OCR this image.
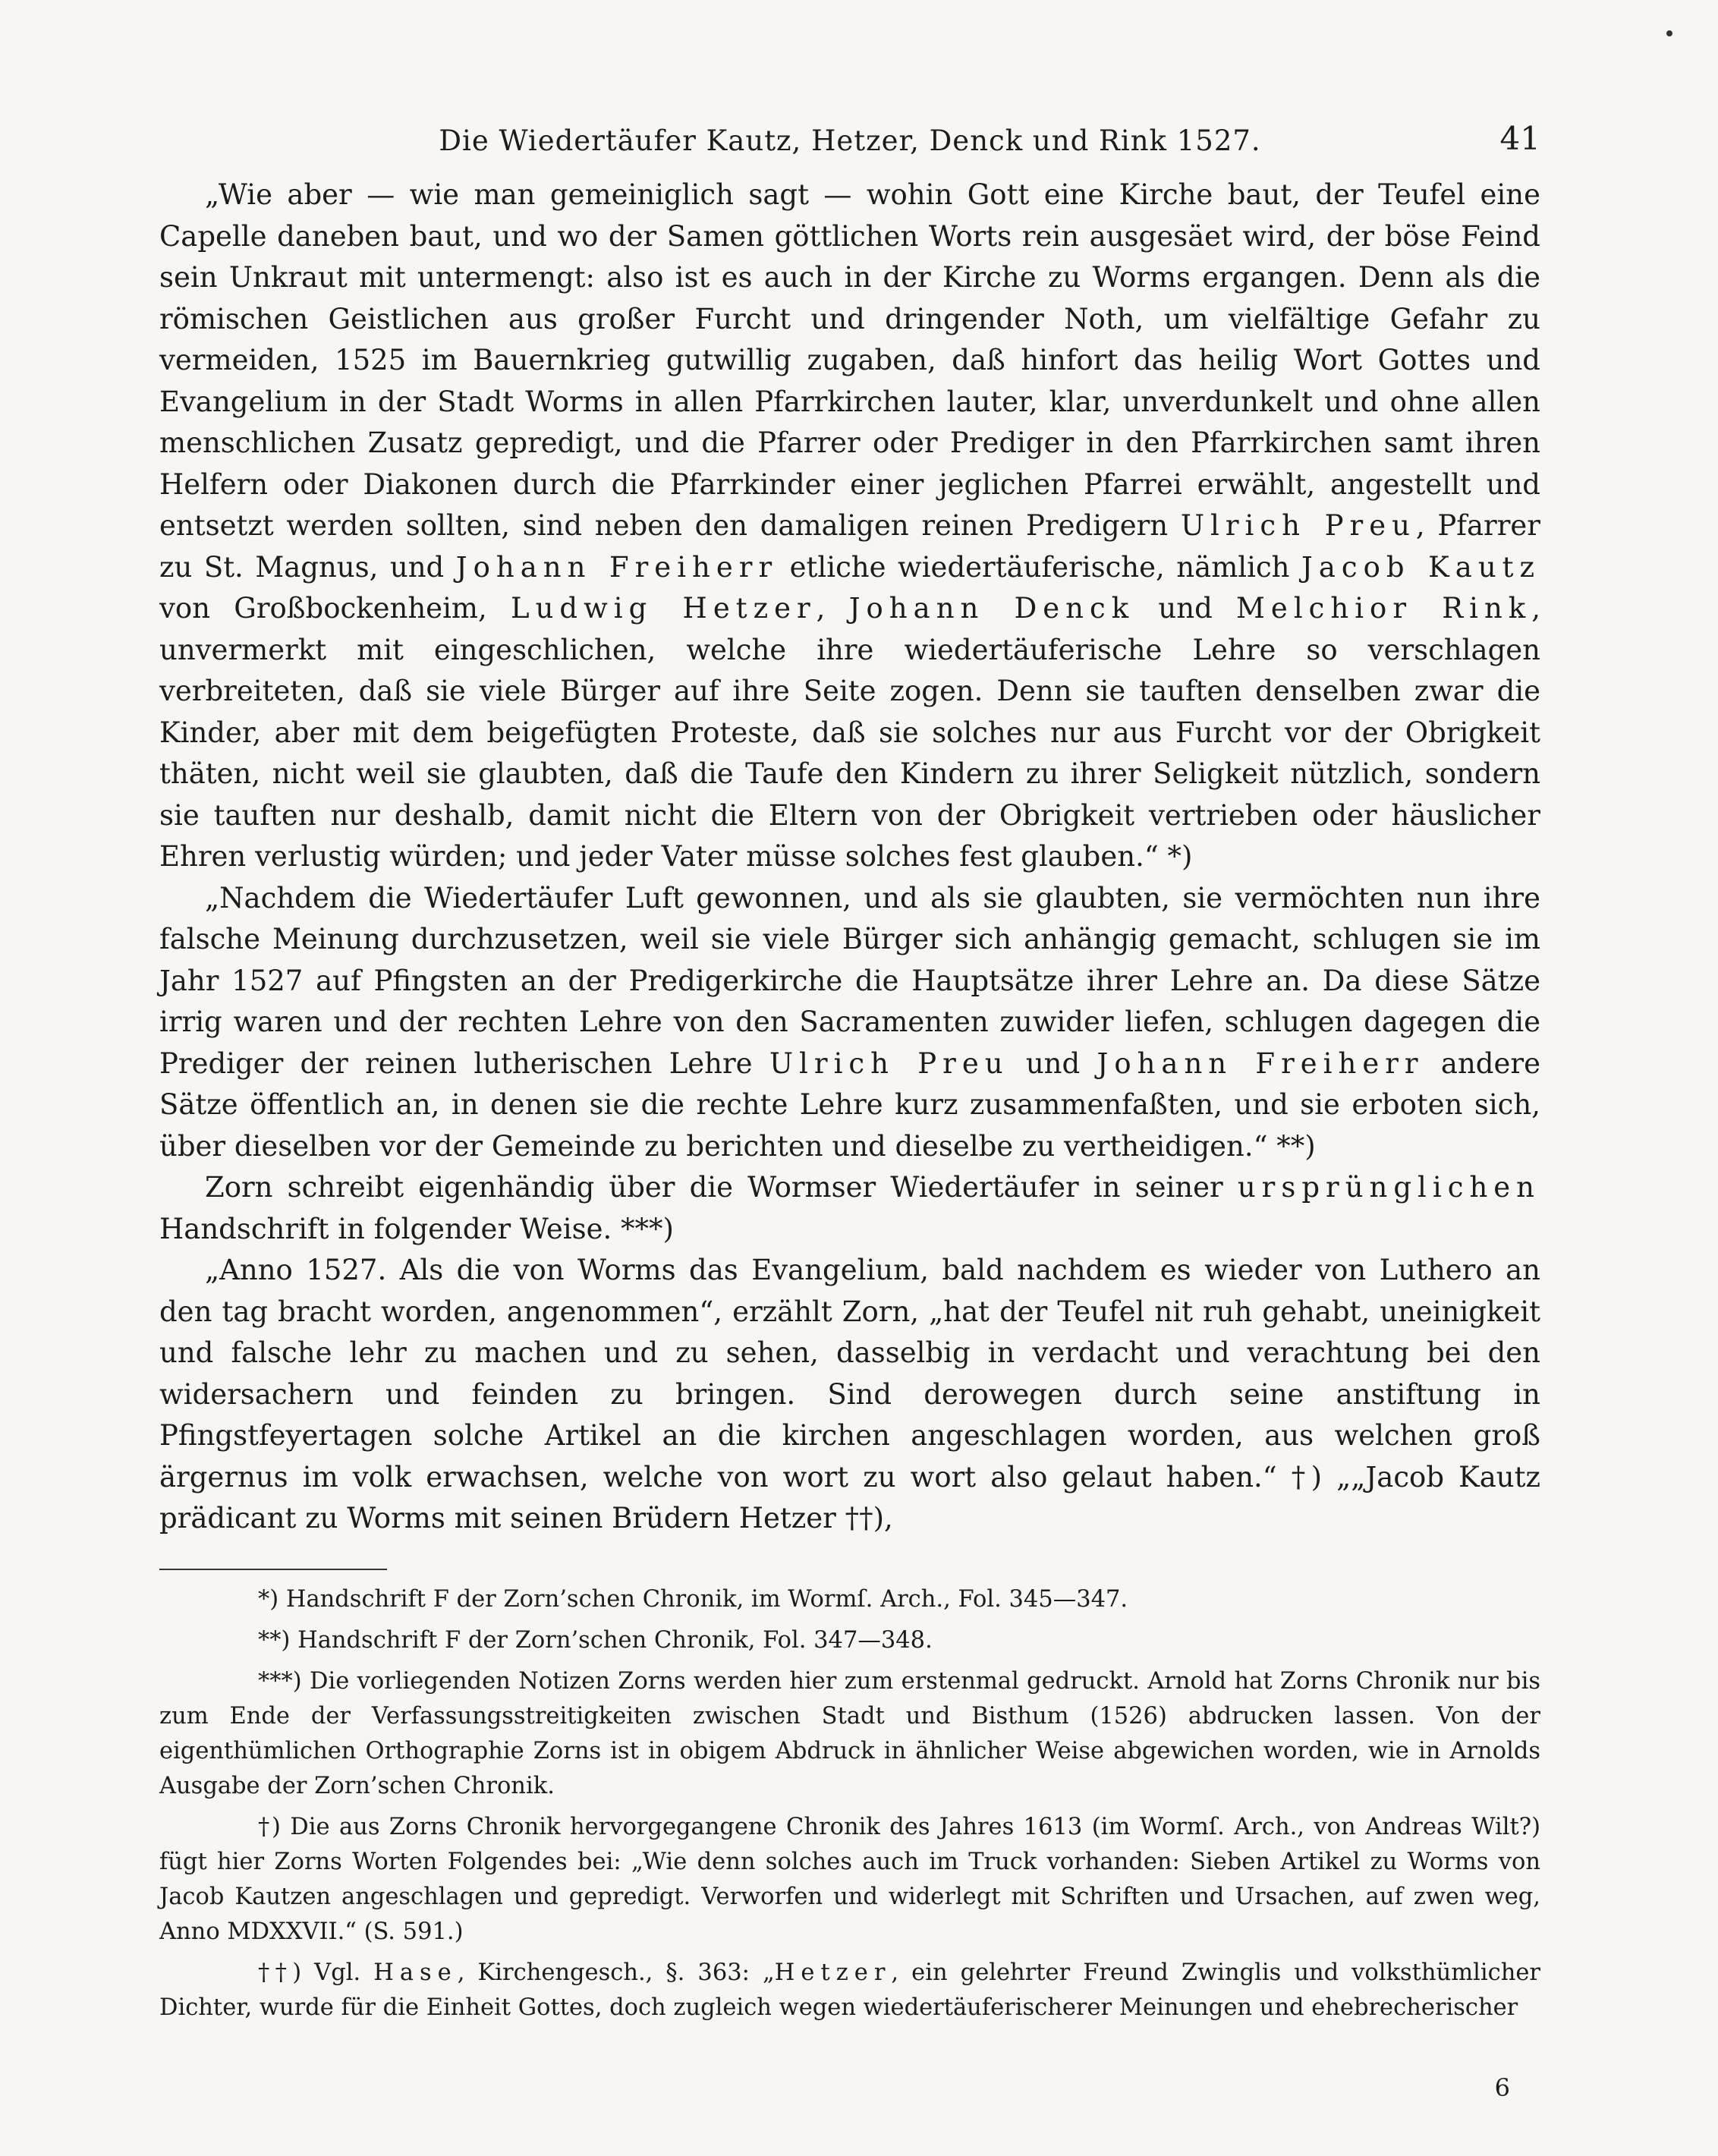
Die Wiedertäufer Kautz, Hetzer, Denck und Rink 1527.	41

„Wie aber — wie man gemeiniglich sagt — wohin Gott eine Kirche baut, der Teufel eine Capelle daneben baut, und wo der Samen göttlichen Worts rein ausgesäet wird, der böse Feind sein Unkraut mit untermengt: also ist es auch in der Kirche zu Worms ergangen. Denn als die römischen Geistlichen aus großer Furcht und dringender Noth, um vielfältige Gefahr zu vermeiden, 1525 im Bauernkrieg gutwillig zugaben, daß hinfort das heilig Wort Gottes und Evangelium in der Stadt Worms in allen Pfarrkirchen lauter, klar, unverdunkelt und ohne allen menschlichen Zusatz gepredigt, und die Pfarrer oder Prediger in den Pfarrkirchen samt ihren Helfern oder Diakonen durch die Pfarrkinder einer jeglichen Pfarrei erwählt, angestellt und entsetzt werden sollten, sind neben den damaligen reinen Predigern Ulrich Preu, Pfarrer zu St. Magnus, und Johann Freiherr etliche wiedertäuferische, nämlich Jacob Kautz von Großbockenheim, Ludwig Hetzer, Johann Denck und Melchior Rink, unvermerkt mit eingeschlichen, welche ihre wiedertäuferische Lehre so verschlagen verbreiteten, daß sie viele Bürger auf ihre Seite zogen. Denn sie tauften denselben zwar die Kinder, aber mit dem beigefügten Proteste, daß sie solches nur aus Furcht vor der Obrigkeit thäten, nicht weil sie glaubten, daß die Taufe den Kindern zu ihrer Seligkeit nützlich, sondern sie tauften nur deshalb, damit nicht die Eltern von der Obrigkeit vertrieben oder häuslicher Ehren verlustig würden; und jeder Vater müsse solches fest glauben.“ *)

„Nachdem die Wiedertäufer Luft gewonnen, und als sie glaubten, sie vermöchten nun ihre falsche Meinung durchzusetzen, weil sie viele Bürger sich anhängig gemacht, schlugen sie im Jahr 1527 auf Pfingsten an der Predigerkirche die Hauptsätze ihrer Lehre an. Da diese Sätze irrig waren und der rechten Lehre von den Sacramenten zuwider liefen, schlugen dagegen die Prediger der reinen lutherischen Lehre Ulrich Preu und Johann Freiherr andere Sätze öffentlich an, in denen sie die rechte Lehre kurz zusammenfaßten, und sie erboten sich, über dieselben vor der Gemeinde zu berichten und dieselbe zu vertheidigen.“ **)

Zorn schreibt eigenhändig über die Wormser Wiedertäufer in seiner ursprünglichen Handschrift in folgender Weise. ***)

„Anno 1527. Als die von Worms das Evangelium, bald nachdem es wieder von Luthero an den tag bracht worden, angenommen“, erzählt Zorn, „hat der Teufel nit ruh gehabt, uneinigkeit und falsche lehr zu machen und zu sehen, dasselbig in verdacht und verachtung bei den widersachern und feinden zu bringen. Sind derowegen durch seine anstiftung in Pfingstfeyertagen solche Artikel an die kirchen angeschlagen worden, aus welchen groß ärgernus im volk erwachsen, welche von wort zu wort also gelaut haben.“ †) „„Jacob Kautz prädicant zu Worms mit seinen Brüdern Hetzer ††),

*) Handschrift F der Zorn’schen Chronik, im Wormſ. Arch., Fol. 345—347.

**) Handschrift F der Zorn’schen Chronik, Fol. 347—348.

***) Die vorliegenden Notizen Zorns werden hier zum erstenmal gedruckt. Arnold hat Zorns Chronik nur bis zum Ende der Verfassungsstreitigkeiten zwischen Stadt und Bisthum (1526) abdrucken lassen. Von der eigenthümlichen Orthographie Zorns ist in obigem Abdruck in ähnlicher Weise abgewichen worden, wie in Arnolds Ausgabe der Zorn’schen Chronik.

†) Die aus Zorns Chronik hervorgegangene Chronik des Jahres 1613 (im Wormſ. Arch., von Andreas Wilt?) fügt hier Zorns Worten Folgendes bei: „Wie denn solches auch im Truck vorhanden: Sieben Artikel zu Worms von Jacob Kautzen angeschlagen und gepredigt. Verworfen und widerlegt mit Schriften und Ursachen, auf zwen weg, Anno MDXXVII.“ (S. 591.)

††) Vgl. Hase, Kirchengesch., §. 363: „Hetzer, ein gelehrter Freund Zwinglis und volksthümlicher Dichter, wurde für die Einheit Gottes, doch zugleich wegen wiedertäuferischerer Meinungen und ehebrecherischer

6
